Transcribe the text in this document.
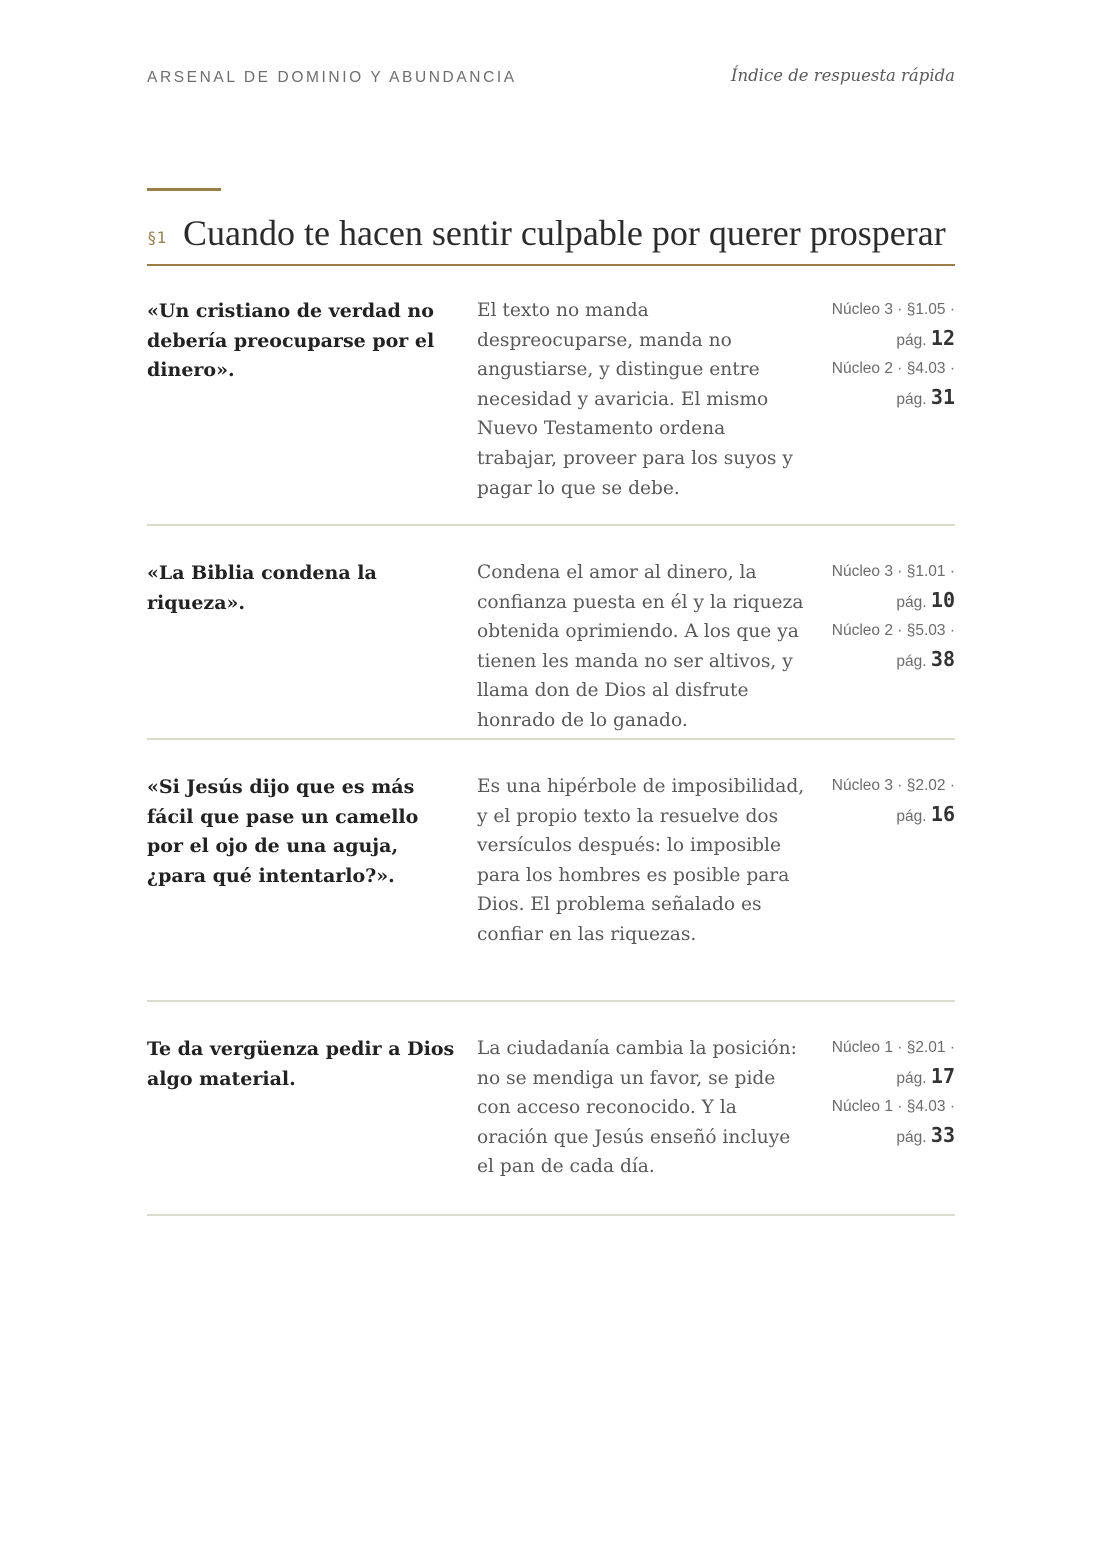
ARSENAL DE DOMINIO Y ABUNDANCIA	Índice de respuesta rápida
§1 Cuando te hacen sentir culpable por querer prosperar
«Un cristiano de verdad no debería preocuparse por el dinero».
El texto no manda despreocuparse, manda no angustiarse, y distingue entre necesidad y avaricia. El mismo Nuevo Testamento ordena trabajar, proveer para los suyos y pagar lo que se debe.
Núcleo 3 · §1.05 · pág. 12
Núcleo 2 · §4.03 · pág. 31
«La Biblia condena la riqueza».
Condena el amor al dinero, la confianza puesta en él y la riqueza obtenida oprimiendo. A los que ya tienen les manda no ser altivos, y llama don de Dios al disfrute honrado de lo ganado.
Núcleo 3 · §1.01 · pág. 10
Núcleo 2 · §5.03 · pág. 38
«Si Jesús dijo que es más fácil que pase un camello por el ojo de una aguja, ¿para qué intentarlo?».
Es una hipérbole de imposibilidad, y el propio texto la resuelve dos versículos después: lo imposible para los hombres es posible para Dios. El problema señalado es confiar en las riquezas.
Núcleo 3 · §2.02 · pág. 16
Te da vergüenza pedir a Dios algo material.
La ciudadanía cambia la posición: no se mendiga un favor, se pide con acceso reconocido. Y la oración que Jesús enseñó incluye el pan de cada día.
Núcleo 1 · §2.01 · pág. 17
Núcleo 1 · §4.03 · pág. 33
